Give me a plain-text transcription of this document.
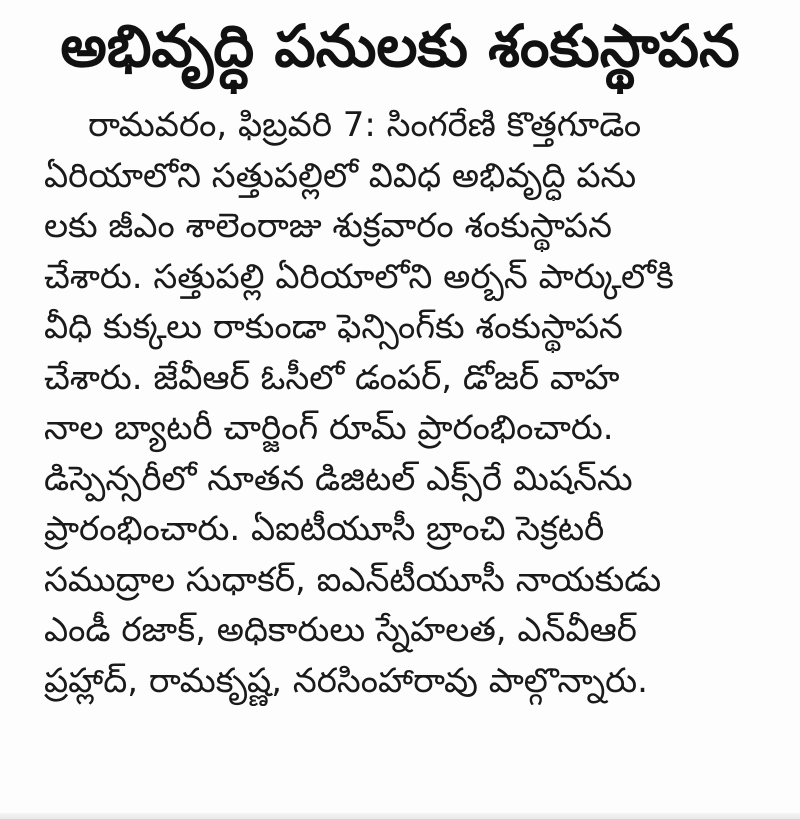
అభివృద్ధి పనులకు శంకుస్థాపన
రామవరం, ఫిబ్రవరి 7: సింగరేణి కొత్తగూడెం
ఏరియాలోని సత్తుపల్లిలో వివిధ అభివృద్ధి పను
లకు జీఎం శాలెంరాజు శుక్రవారం శంకుస్థాపన
చేశారు. సత్తుపల్లి ఏరియాలోని అర్బన్ పార్కులోకి
వీధి కుక్కలు రాకుండా ఫెన్సింగ్‌కు శంకుస్థాపన
చేశారు. జేవీఆర్ ఓసీలో డంపర్, డోజర్ వాహ
నాల బ్యాటరీ చార్జింగ్ రూమ్ ప్రారంభించారు.
డిస్పెన్సరీలో నూతన డిజిటల్ ఎక్స్‌రే మిషన్‌ను
ప్రారంభించారు. ఏఐటీయూసీ బ్రాంచి సెక్రటరీ
సముద్రాల సుధాకర్, ఐఎన్‌టీయూసీ నాయకుడు
ఎండీ రజాక్, అధికారులు స్నేహలత, ఎన్‌వీఆర్
ప్రహ్లాద్, రామకృష్ణ, నరసింహారావు పాల్గొన్నారు.
